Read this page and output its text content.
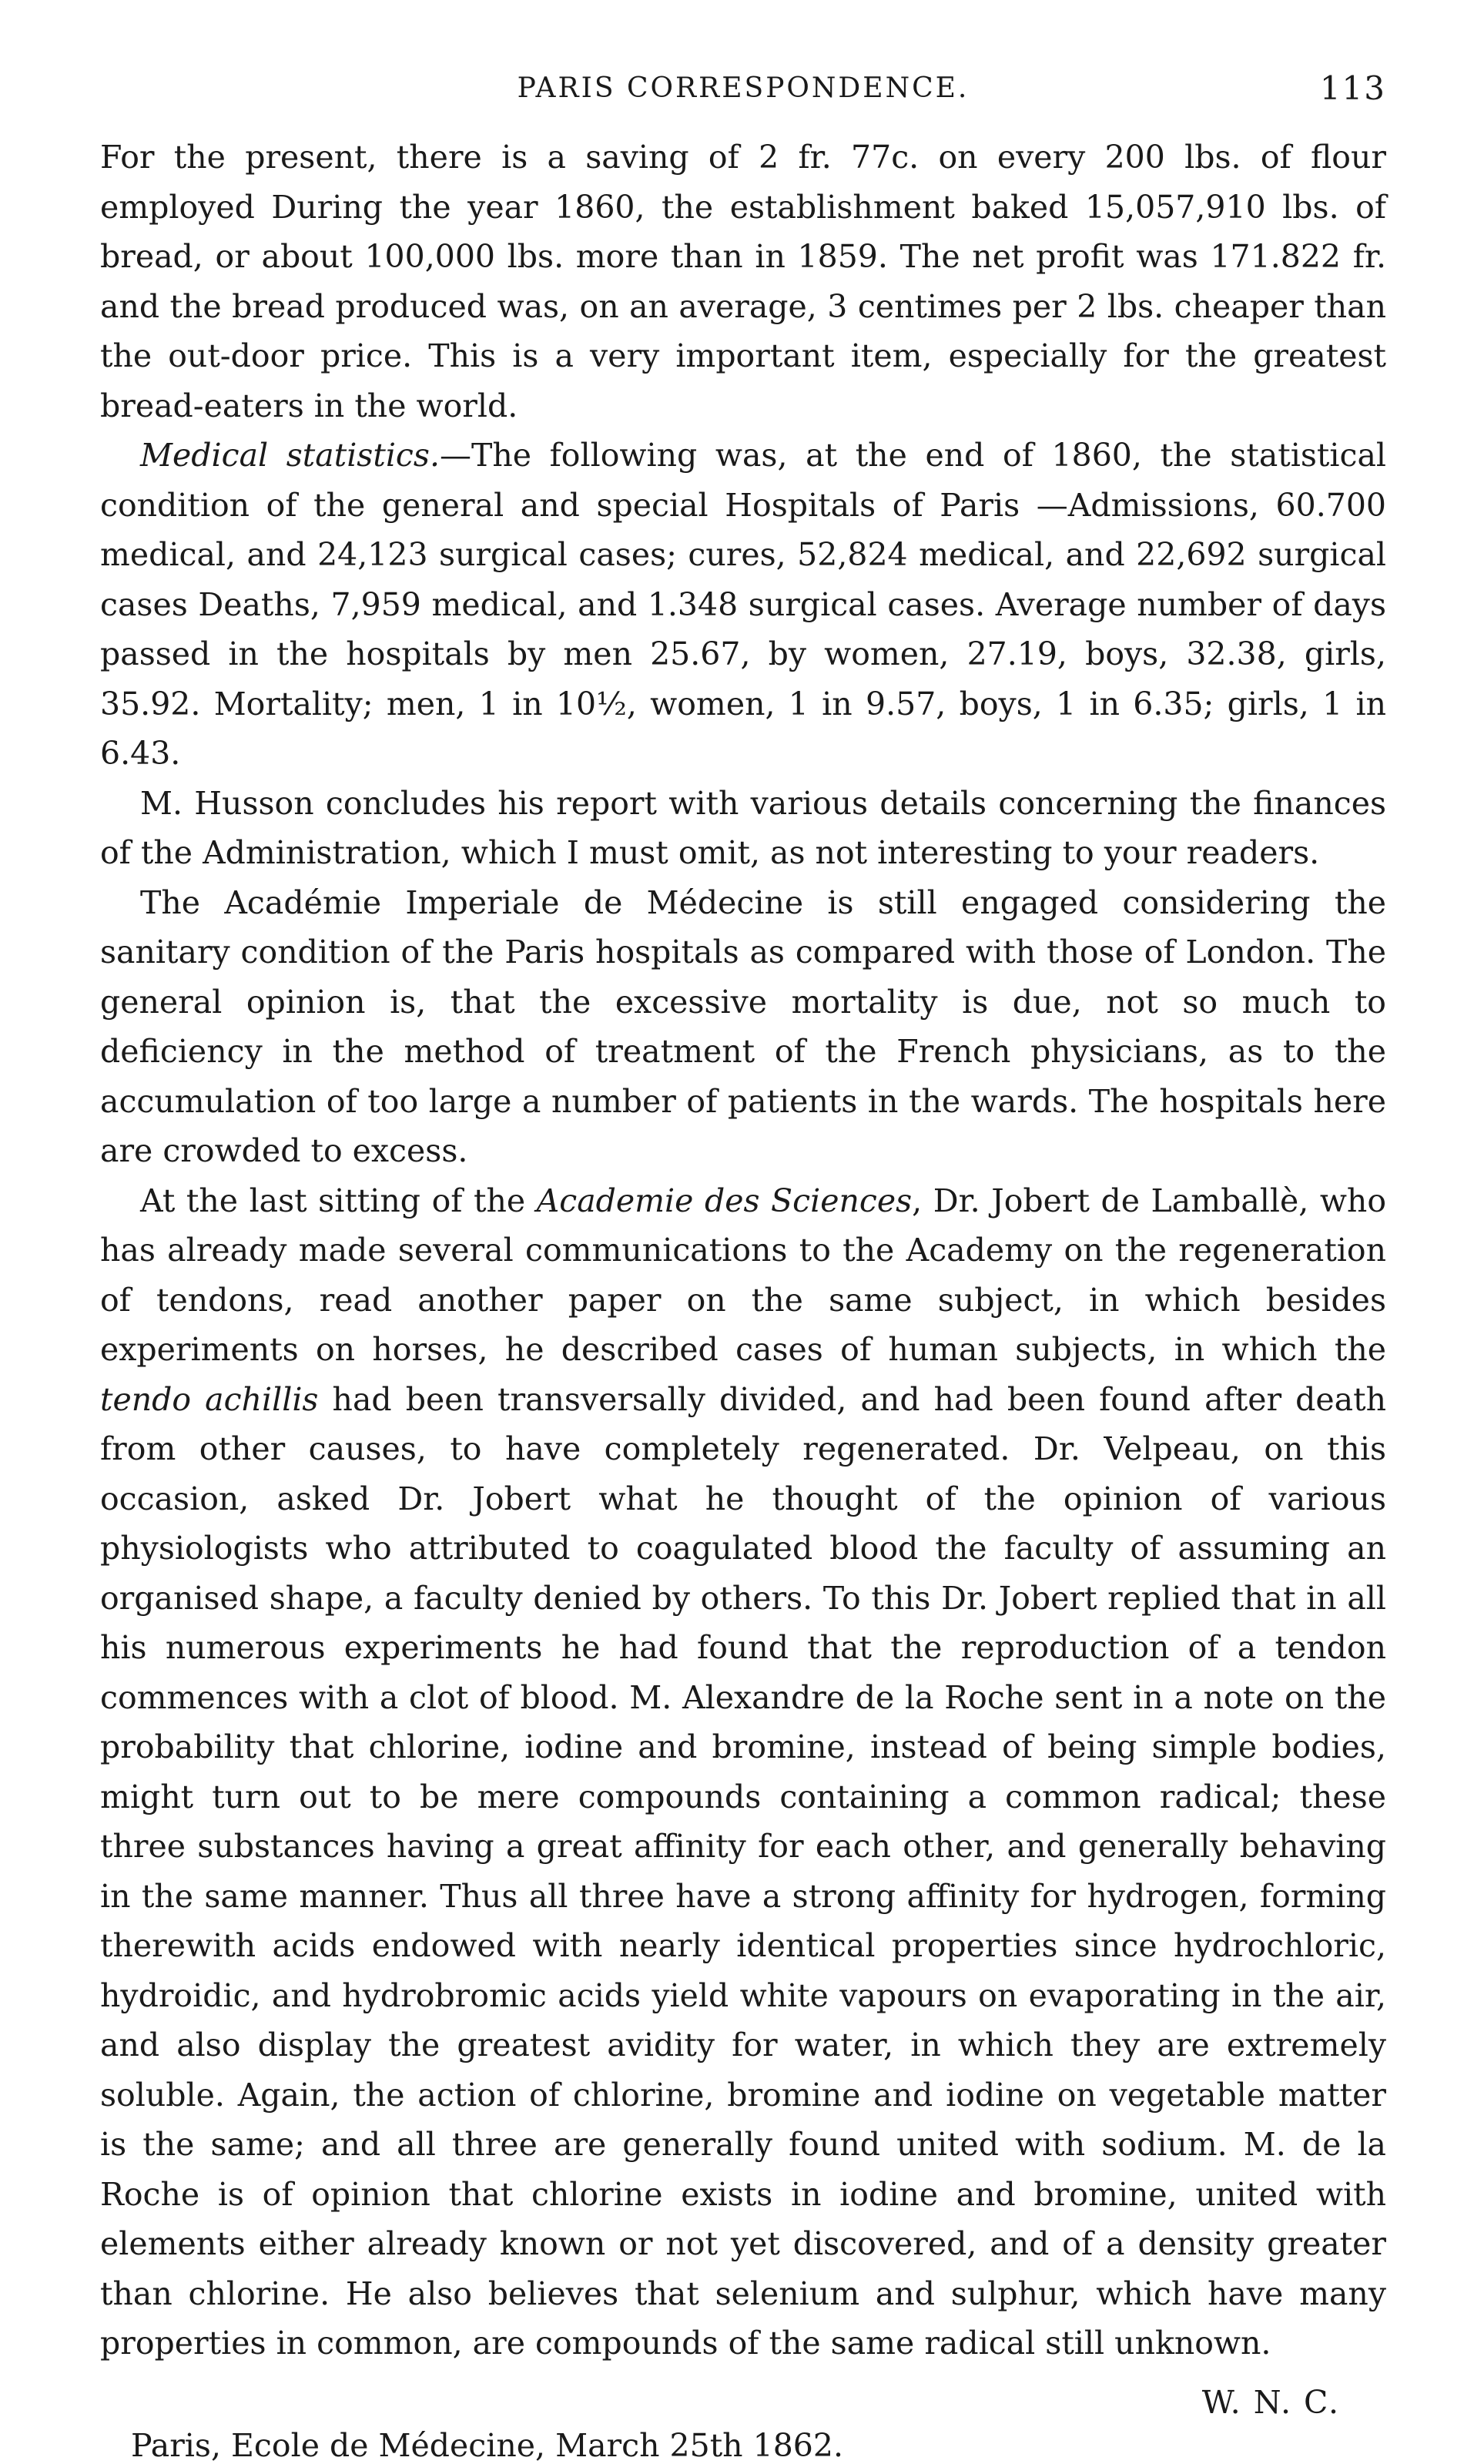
PARIS CORRESPONDENCE.	113

For the present, there is a saving of 2 fr. 77c. on every 200 lbs. of flour employed During the year 1860, the establishment baked 15,057,910 lbs. of bread, or about 100,000 lbs. more than in 1859. The net profit was 171.822 fr. and the bread produced was, on an average, 3 centimes per 2 lbs. cheaper than the out-door price. This is a very important item, especially for the greatest bread-eaters in the world.

Medical statistics.—The following was, at the end of 1860, the statistical condition of the general and special Hospitals of Paris —Admissions, 60.700 medical, and 24,123 surgical cases; cures, 52,824 medical, and 22,692 surgical cases Deaths, 7,959 medical, and 1.348 surgical cases. Average number of days passed in the hospitals by men 25.67, by women, 27.19, boys, 32.38, girls, 35.92. Mortality; men, 1 in 10½, women, 1 in 9.57, boys, 1 in 6.35; girls, 1 in 6.43.

M. Husson concludes his report with various details concerning the finances of the Administration, which I must omit, as not interesting to your readers.

The Académie Imperiale de Médecine is still engaged considering the sanitary condition of the Paris hospitals as compared with those of London. The general opinion is, that the excessive mortality is due, not so much to deficiency in the method of treatment of the French physicians, as to the accumulation of too large a number of patients in the wards. The hospitals here are crowded to excess.

At the last sitting of the Academie des Sciences, Dr. Jobert de Lamballè, who has already made several communications to the Academy on the regeneration of tendons, read another paper on the same subject, in which besides experiments on horses, he described cases of human subjects, in which the tendo achillis had been transversally divided, and had been found after death from other causes, to have completely regenerated. Dr. Velpeau, on this occasion, asked Dr. Jobert what he thought of the opinion of various physiologists who attributed to coagulated blood the faculty of assuming an organised shape, a faculty denied by others. To this Dr. Jobert replied that in all his numerous experiments he had found that the reproduction of a tendon commences with a clot of blood. M. Alexandre de la Roche sent in a note on the probability that chlorine, iodine and bromine, instead of being simple bodies, might turn out to be mere compounds containing a common radical; these three substances having a great affinity for each other, and generally behaving in the same manner. Thus all three have a strong affinity for hydrogen, forming therewith acids endowed with nearly identical properties since hydrochloric, hydroidic, and hydrobromic acids yield white vapours on evaporating in the air, and also display the greatest avidity for water, in which they are extremely soluble. Again, the action of chlorine, bromine and iodine on vegetable matter is the same; and all three are generally found united with sodium. M. de la Roche is of opinion that chlorine exists in iodine and bromine, united with elements either already known or not yet discovered, and of a density greater than chlorine. He also believes that selenium and sulphur, which have many properties in common, are compounds of the same radical still unknown.

W. N. C.
Paris, Ecole de Médecine, March 25th 1862.
